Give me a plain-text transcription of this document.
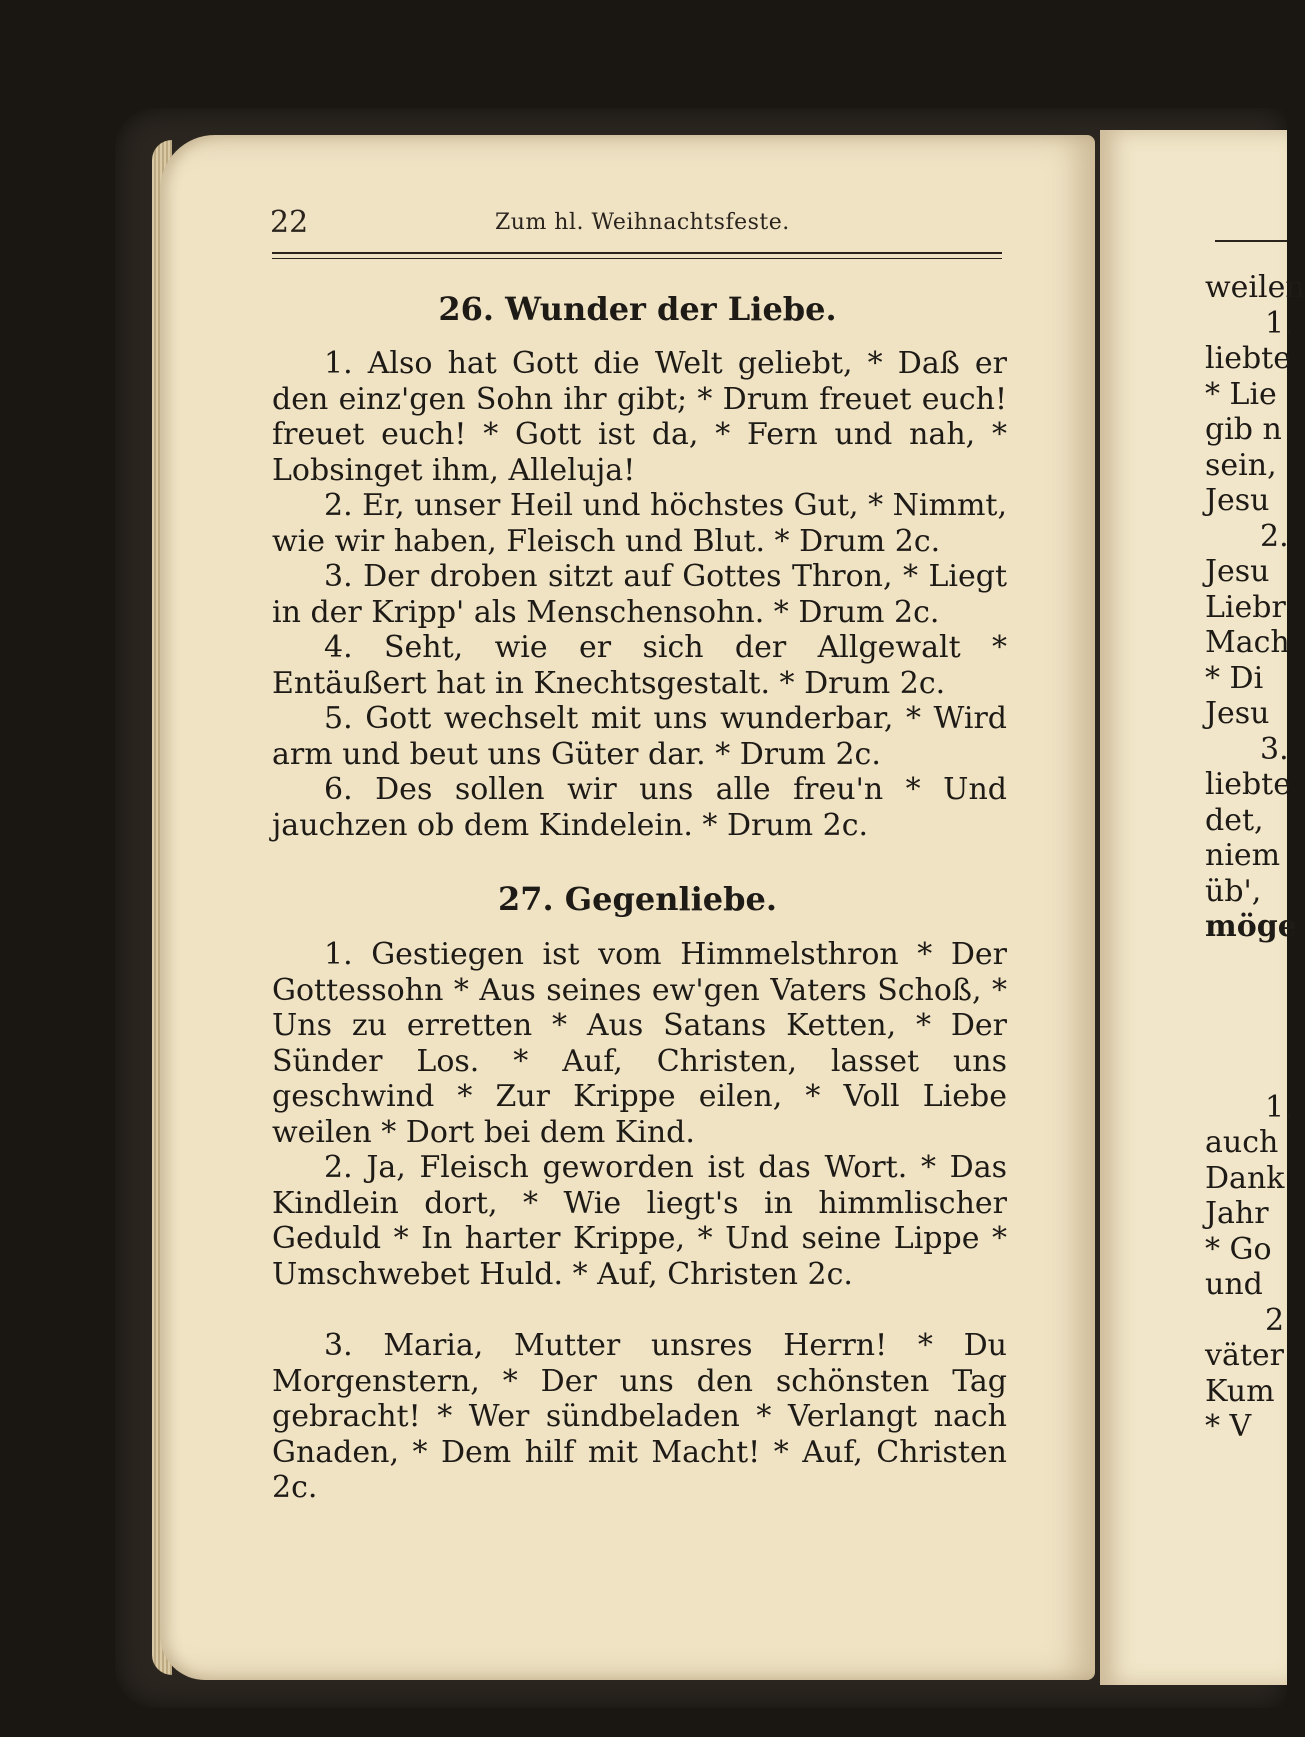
22	Zum hl. Weihnachtsfeste.
26. Wunder der Liebe.
1. Also hat Gott die Welt geliebt, * Daß er den einz'gen Sohn ihr gibt; * Drum freuet euch! freuet euch! * Gott ist da, * Fern und nah, * Lobsinget ihm, Alleluja!
2. Er, unser Heil und höchstes Gut, * Nimmt, wie wir haben, Fleisch und Blut. * Drum 2c.
3. Der droben sitzt auf Gottes Thron, * Liegt in der Kripp' als Menschensohn. * Drum 2c.
4. Seht, wie er sich der Allgewalt * Entäußert hat in Knechtsgestalt. * Drum 2c.
5. Gott wechselt mit uns wunderbar, * Wird arm und beut uns Güter dar. * Drum 2c.
6. Des sollen wir uns alle freu'n * Und jauchzen ob dem Kindelein. * Drum 2c.
27. Gegenliebe.
1. Gestiegen ist vom Himmelsthron * Der Gottessohn * Aus seines ew'gen Vaters Schoß, * Uns zu erretten * Aus Satans Ketten, * Der Sünder Los. * Auf, Christen, lasset uns geschwind * Zur Krippe eilen, * Voll Liebe weilen * Dort bei dem Kind.
2. Ja, Fleisch geworden ist das Wort. * Das Kindlein dort, * Wie liegt's in himmlischer Geduld * In harter Krippe, * Und seine Lippe * Umschwebet Huld. * Auf, Christen 2c.
3. Maria, Mutter unsres Herrn! * Du Morgenstern, * Der uns den schönsten Tag gebracht! * Wer sündbeladen * Verlangt nach Gnaden, * Dem hilf mit Macht! * Auf, Christen 2c.
weilen
1.
liebte
* Lie
gib n
sein,
Jesu
2.
Jesu
Liebr
Mach
* Di
Jesu
3.
liebte
det,
niem
üb',
möge
1.
auch
Dank
Jahr
* Go
und
2
väter
Kum
* V
